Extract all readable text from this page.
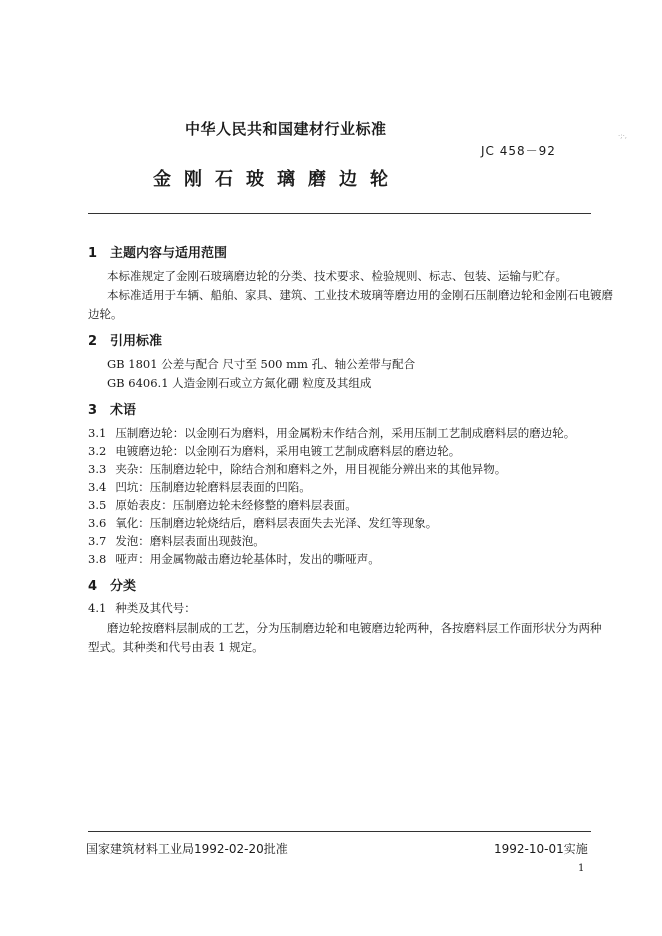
中华人民共和国建材行业标准
JC 458－92
金刚石玻璃磨边轮
·;·,
1 主题内容与适用范围
本标准规定了金刚石玻璃磨边轮的分类、技术要求、检验规则、标志、包装、运输与贮存。
本标准适用于车辆、船舶、家具、建筑、工业技术玻璃等磨边用的金刚石压制磨边轮和金刚石电镀磨
边轮。
2 引用标准
GB 1801 公差与配合 尺寸至 500 mm 孔、轴公差带与配合
GB 6406.1 人造金刚石或立方氮化硼 粒度及其组成
3 术语
3.1 压制磨边轮：以金刚石为磨料，用金属粉末作结合剂，采用压制工艺制成磨料层的磨边轮。
3.2 电镀磨边轮：以金刚石为磨料，采用电镀工艺制成磨料层的磨边轮。
3.3 夹杂：压制磨边轮中，除结合剂和磨料之外，用目视能分辨出来的其他异物。
3.4 凹坑：压制磨边轮磨料层表面的凹陷。
3.5 原始表皮：压制磨边轮未经修整的磨料层表面。
3.6 氧化：压制磨边轮烧结后，磨料层表面失去光泽、发红等现象。
3.7 发泡：磨料层表面出现鼓泡。
3.8 哑声：用金属物敲击磨边轮基体时，发出的嘶哑声。
4 分类
4.1 种类及其代号：
磨边轮按磨料层制成的工艺，分为压制磨边轮和电镀磨边轮两种，各按磨料层工作面形状分为两种
型式。其种类和代号由表 1 规定。
国家建筑材料工业局1992-02-20批准	1992-10-01实施
1
